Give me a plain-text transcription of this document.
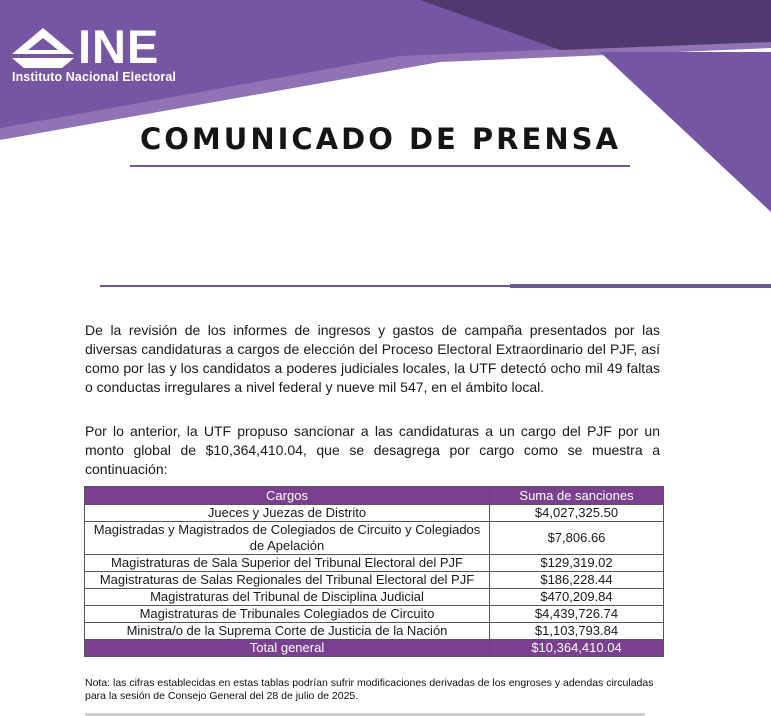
INE
Instituto Nacional Electoral
COMUNICADO DE PRENSA

De la revisión de los informes de ingresos y gastos de campaña presentados por las diversas candidaturas a cargos de elección del Proceso Electoral Extraordinario del PJF, así como por las y los candidatos a poderes judiciales locales, la UTF detectó ocho mil 49 faltas o conductas irregulares a nivel federal y nueve mil 547, en el ámbito local.

Por lo anterior, la UTF propuso sancionar a las candidaturas a un cargo del PJF por un monto global de $10,364,410.04, que se desagrega por cargo como se muestra a continuación:

Cargos	Suma de sanciones
Jueces y Juezas de Distrito	$4,027,325.50
Magistradas y Magistrados de Colegiados de Circuito y Colegiados de Apelación	$7,806.66
Magistraturas de Sala Superior del Tribunal Electoral del PJF	$129,319.02
Magistraturas de Salas Regionales del Tribunal Electoral del PJF	$186,228.44
Magistraturas del Tribunal de Disciplina Judicial	$470,209.84
Magistraturas de Tribunales Colegiados de Circuito	$4,439,726.74
Ministra/o de la Suprema Corte de Justicia de la Nación	$1,103,793.84
Total general	$10,364,410.04
Nota: las cifras establecidas en estas tablas podrían sufrir modificaciones derivadas de los engroses y adendas circuladas para la sesión de Consejo General del 28 de julio de 2025.
